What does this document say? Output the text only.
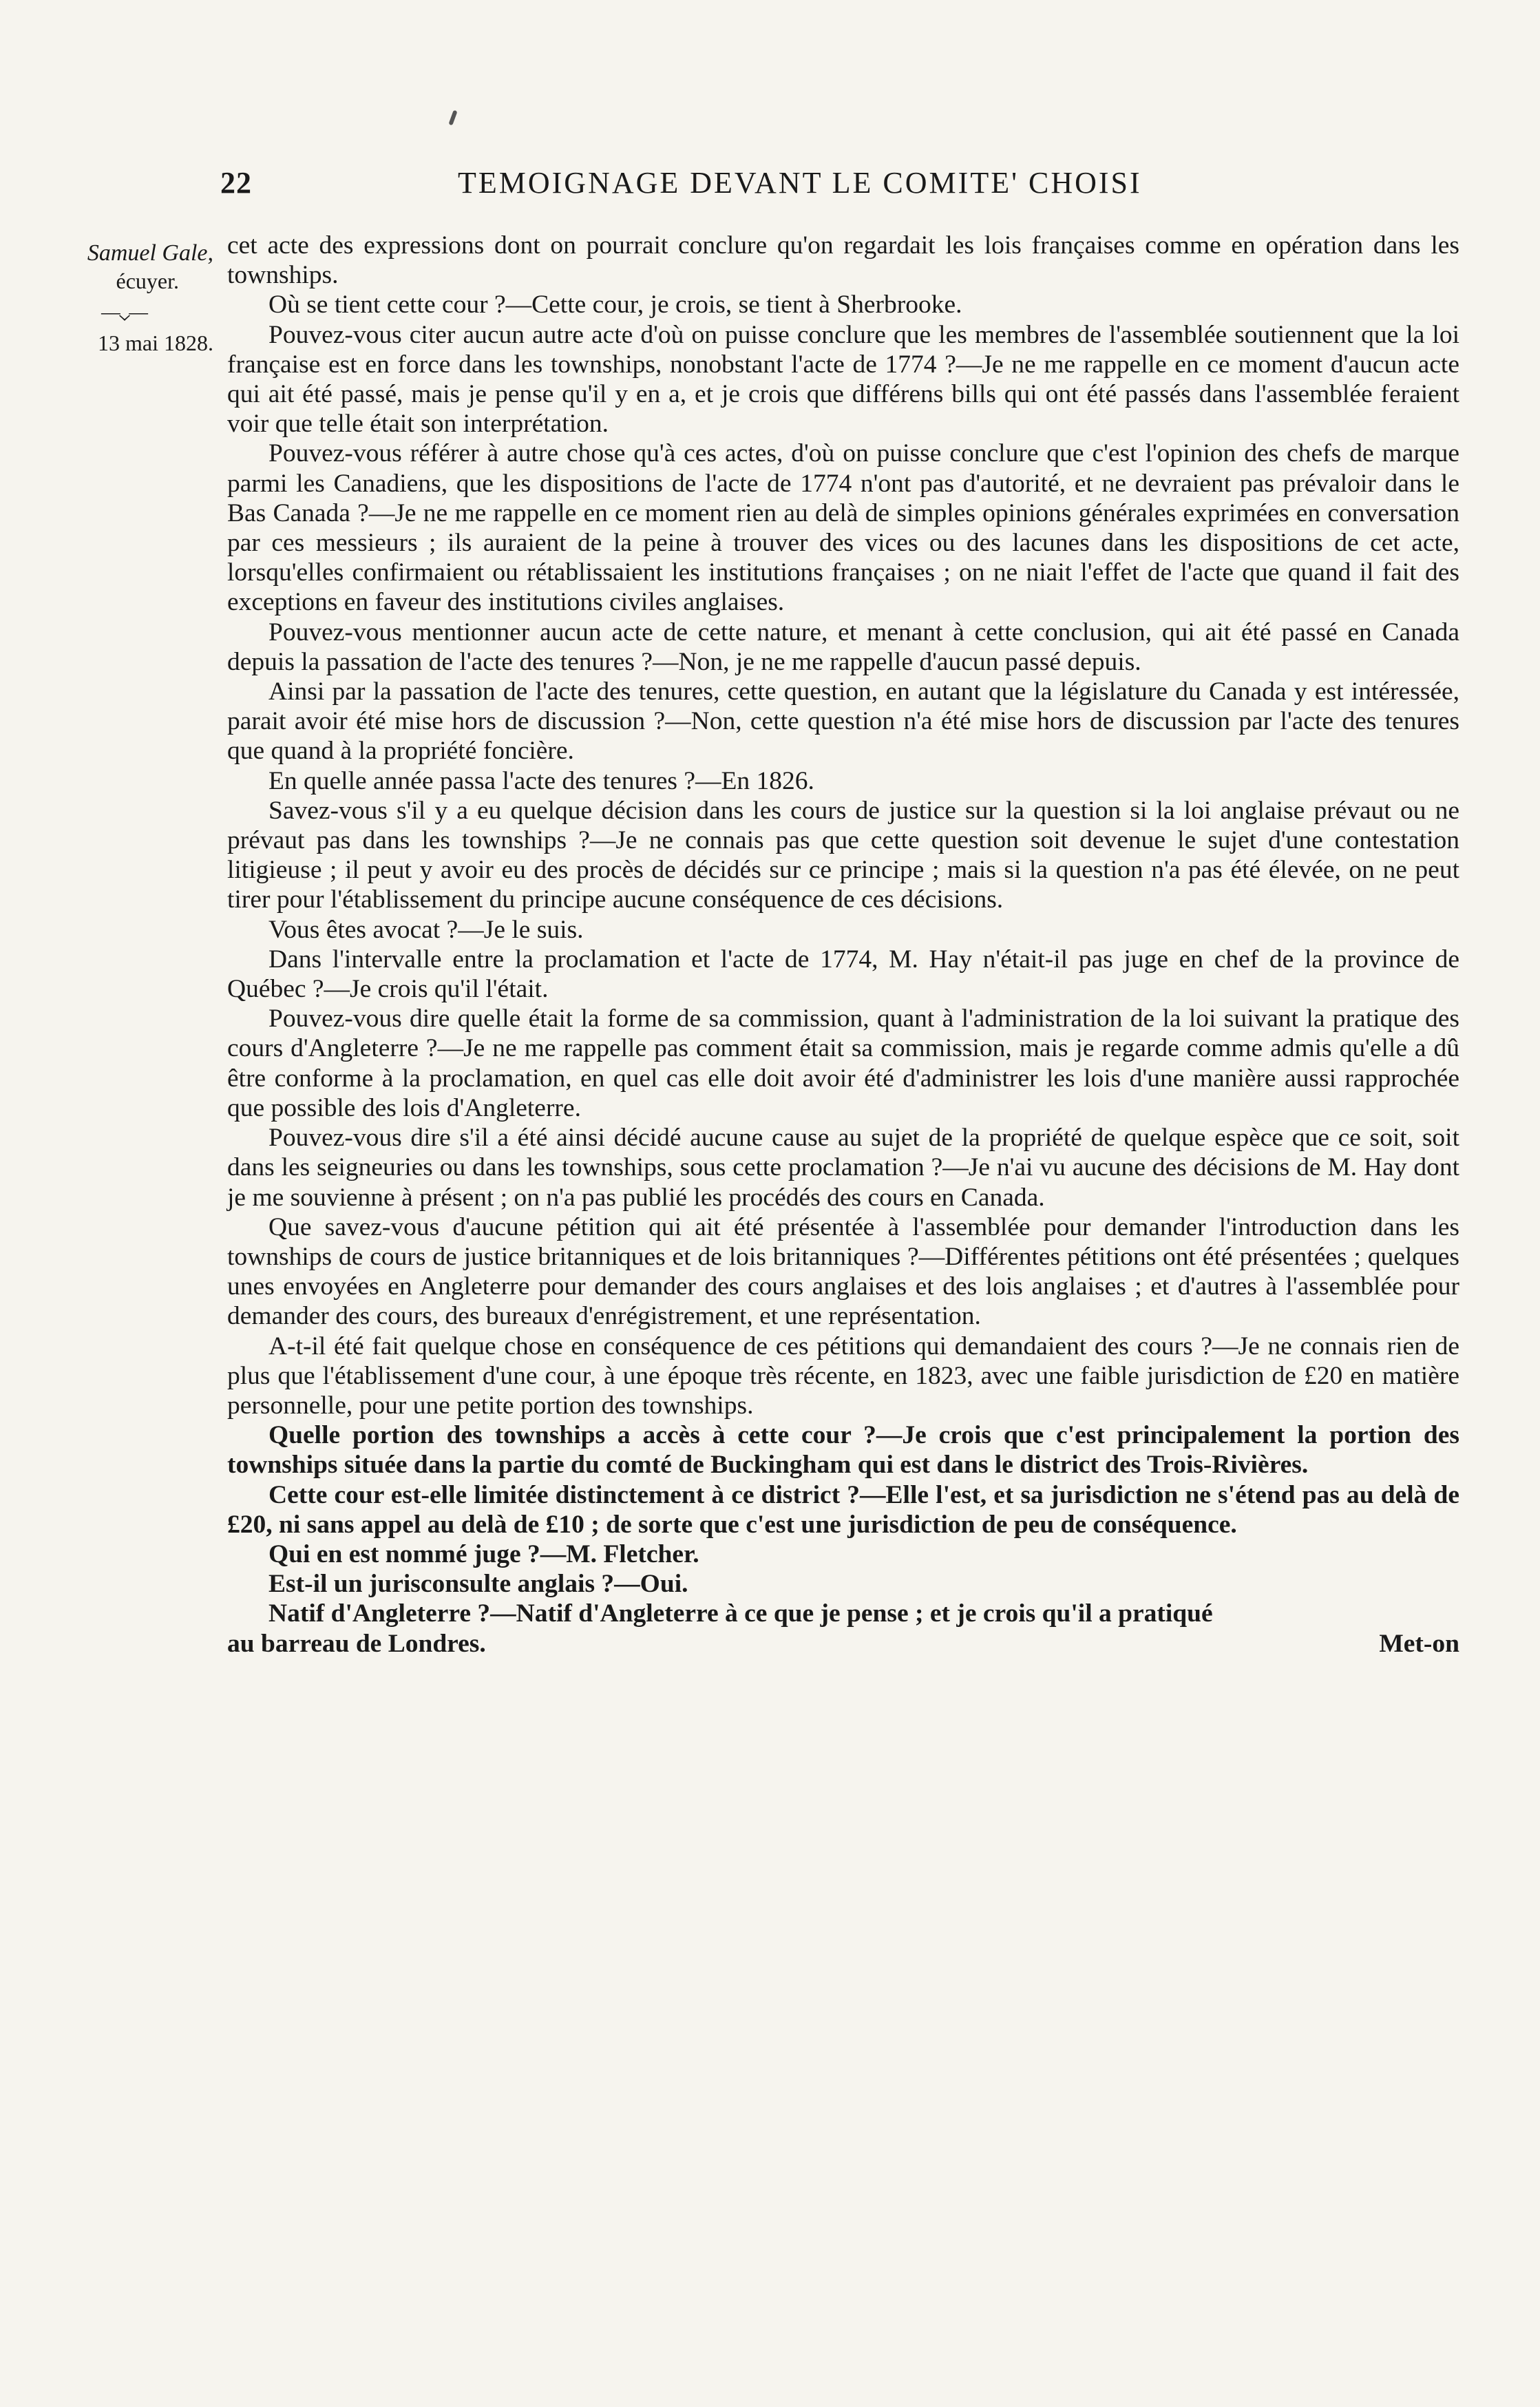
22	TEMOIGNAGE DEVANT LE COMITE' CHOISI
Samuel Gale,
écuyer.
⎯⎯⌄⎯⎯
13 mai 1828.

cet acte des expressions dont on pourrait conclure qu'on regardait les lois françaises comme en opération dans les townships.

Où se tient cette cour ?—Cette cour, je crois, se tient à Sherbrooke.

Pouvez-vous citer aucun autre acte d'où on puisse conclure que les membres de l'assemblée soutiennent que la loi française est en force dans les townships, nonobstant l'acte de 1774 ?—Je ne me rappelle en ce moment d'aucun acte qui ait été passé, mais je pense qu'il y en a, et je crois que différens bills qui ont été passés dans l'assemblée feraient voir que telle était son interprétation.

Pouvez-vous référer à autre chose qu'à ces actes, d'où on puisse conclure que c'est l'opinion des chefs de marque parmi les Canadiens, que les dispositions de l'acte de 1774 n'ont pas d'autorité, et ne devraient pas prévaloir dans le Bas Canada ?—Je ne me rappelle en ce moment rien au delà de simples opinions générales exprimées en conversation par ces messieurs ; ils auraient de la peine à trouver des vices ou des lacunes dans les dispositions de cet acte, lorsqu'elles confirmaient ou rétablissaient les institutions françaises ; on ne niait l'effet de l'acte que quand il fait des exceptions en faveur des institutions civiles anglaises.

Pouvez-vous mentionner aucun acte de cette nature, et menant à cette conclusion, qui ait été passé en Canada depuis la passation de l'acte des tenures ?—Non, je ne me rappelle d'aucun passé depuis.

Ainsi par la passation de l'acte des tenures, cette question, en autant que la législature du Canada y est intéressée, parait avoir été mise hors de discussion ?—Non, cette question n'a été mise hors de discussion par l'acte des tenures que quand à la propriété foncière.

En quelle année passa l'acte des tenures ?—En 1826.

Savez-vous s'il y a eu quelque décision dans les cours de justice sur la question si la loi anglaise prévaut ou ne prévaut pas dans les townships ?—Je ne connais pas que cette question soit devenue le sujet d'une contestation litigieuse ; il peut y avoir eu des procès de décidés sur ce principe ; mais si la question n'a pas été élevée, on ne peut tirer pour l'établissement du principe aucune conséquence de ces décisions.

Vous êtes avocat ?—Je le suis.

Dans l'intervalle entre la proclamation et l'acte de 1774, M. Hay n'était-il pas juge en chef de la province de Québec ?—Je crois qu'il l'était.

Pouvez-vous dire quelle était la forme de sa commission, quant à l'administration de la loi suivant la pratique des cours d'Angleterre ?—Je ne me rappelle pas comment était sa commission, mais je regarde comme admis qu'elle a dû être conforme à la proclamation, en quel cas elle doit avoir été d'administrer les lois d'une manière aussi rapprochée que possible des lois d'Angleterre.

Pouvez-vous dire s'il a été ainsi décidé aucune cause au sujet de la propriété de quelque espèce que ce soit, soit dans les seigneuries ou dans les townships, sous cette proclamation ?—Je n'ai vu aucune des décisions de M. Hay dont je me souvienne à présent ; on n'a pas publié les procédés des cours en Canada.

Que savez-vous d'aucune pétition qui ait été présentée à l'assemblée pour demander l'introduction dans les townships de cours de justice britanniques et de lois britanniques ?—Différentes pétitions ont été présentées ; quelques unes envoyées en Angleterre pour demander des cours anglaises et des lois anglaises ; et d'autres à l'assemblée pour demander des cours, des bureaux d'enrégistrement, et une représentation.

A-t-il été fait quelque chose en conséquence de ces pétitions qui demandaient des cours ?—Je ne connais rien de plus que l'établissement d'une cour, à une époque très récente, en 1823, avec une faible jurisdiction de £20 en matière personnelle, pour une petite portion des townships.

Quelle portion des townships a accès à cette cour ?—Je crois que c'est principalement la portion des townships située dans la partie du comté de Buckingham qui est dans le district des Trois-Rivières.

Cette cour est-elle limitée distinctement à ce district ?—Elle l'est, et sa jurisdiction ne s'étend pas au delà de £20, ni sans appel au delà de £10 ; de sorte que c'est une jurisdiction de peu de conséquence.

Qui en est nommé juge ?—M. Fletcher.

Est-il un jurisconsulte anglais ?—Oui.

Natif d'Angleterre ?—Natif d'Angleterre à ce que je pense ; et je crois qu'il a pratiqué

au barreau de Londres.	Met-on
